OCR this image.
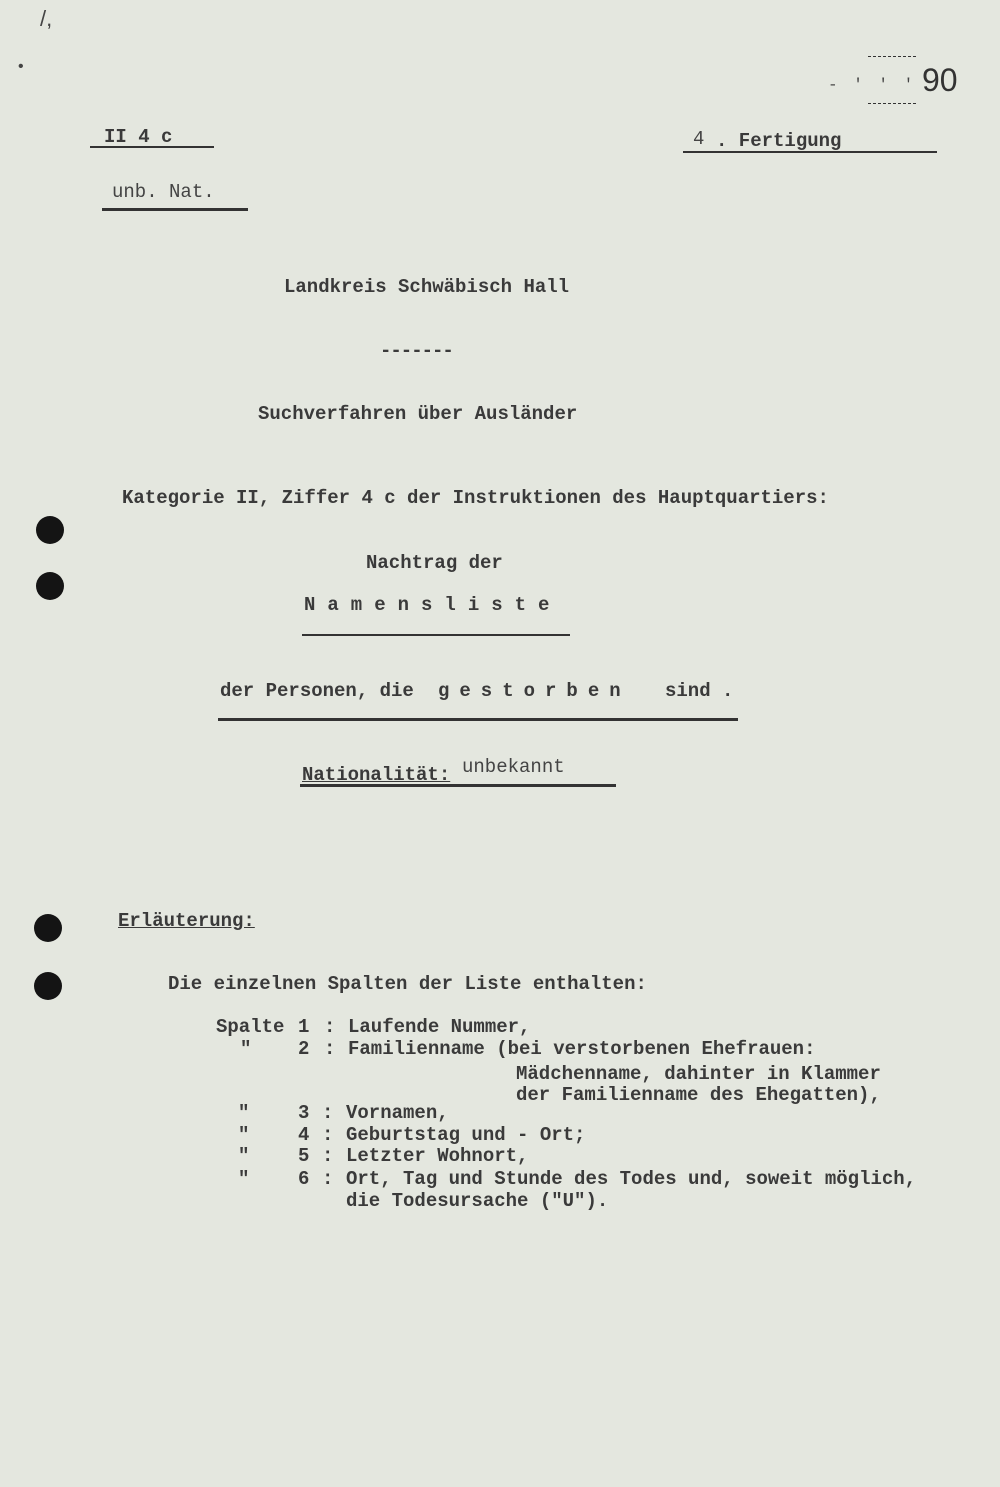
/,
•
- ' ' ' 90
II 4 c	4 . Fertigung
unb. Nat.
Landkreis Schwäbisch Hall
-------
Suchverfahren über Ausländer
Kategorie II, Ziffer 4 c der Instruktionen des Hauptquartiers:
Nachtrag der
Namensliste
der Personen, die gestorben sind .
Nationalität: unbekannt
Erläuterung:
Die einzelnen Spalten der Liste enthalten:
Spalte 1 : Laufende Nummer,
" 2 : Familienname (bei verstorbenen Ehefrauen:
Mädchenname, dahinter in Klammer
der Familienname des Ehegatten),
"	3 : Vornamen,
"	4 : Geburtstag und - Ort;
"	5 : Letzter Wohnort,
"	6 : Ort, Tag und Stunde des Todes und, soweit möglich,
die Todesursache ("U").
